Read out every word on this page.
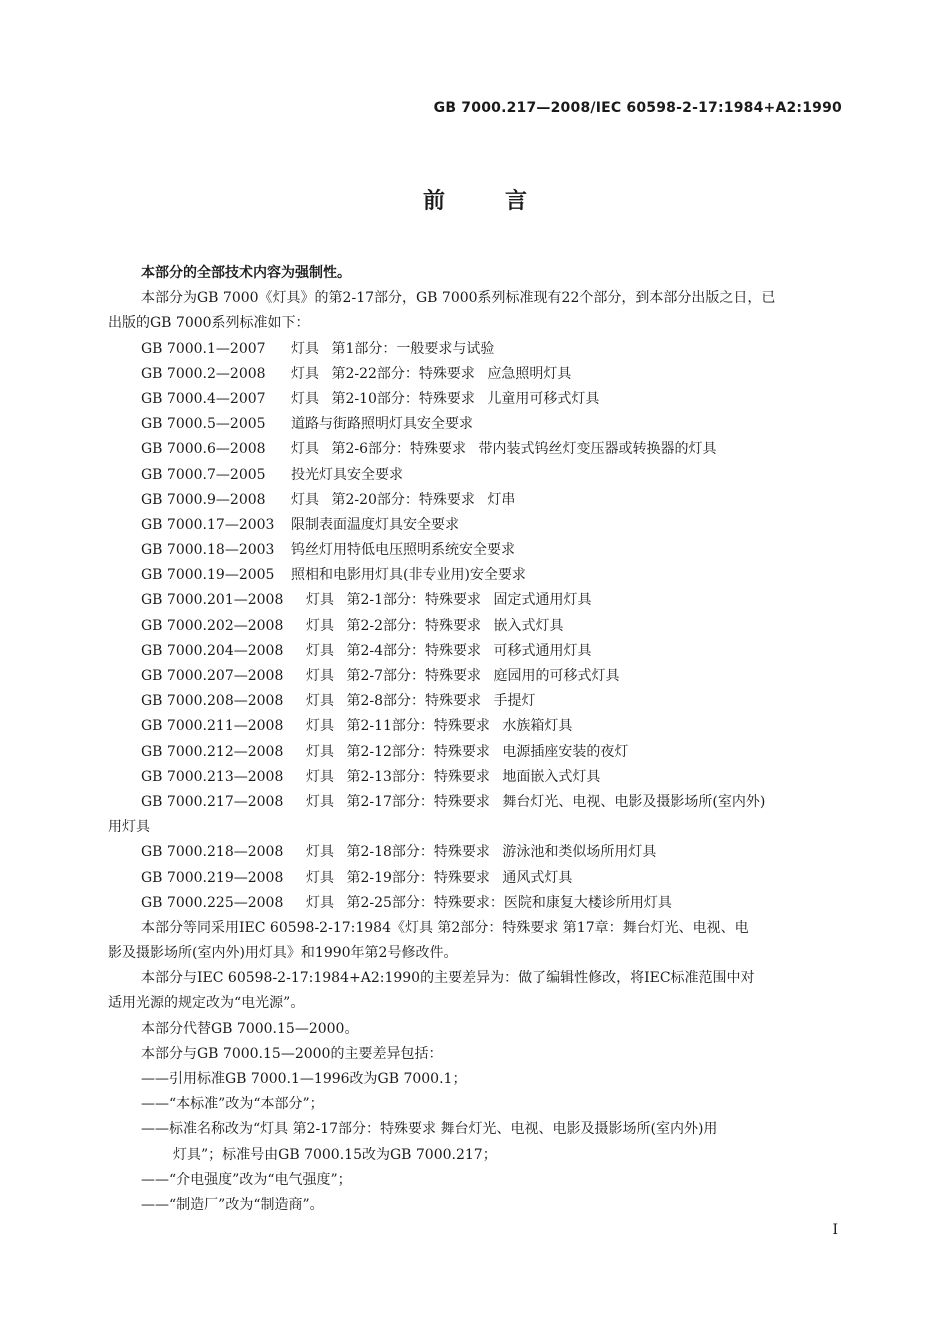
GB 7000.217—2008/IEC 60598-2-17:1984+A2:1990
前	言
本部分的全部技术内容为强制性。
本部分为GB 7000《灯具》的第2-17部分，GB 7000系列标准现有22个部分，到本部分出版之日，已
出版的GB 7000系列标准如下：
GB 7000.1—2007	灯具 第1部分：一般要求与试验
GB 7000.2—2008	灯具 第2-22部分：特殊要求 应急照明灯具
GB 7000.4—2007	灯具 第2-10部分：特殊要求 儿童用可移式灯具
GB 7000.5—2005	道路与街路照明灯具安全要求
GB 7000.6—2008	灯具 第2-6部分：特殊要求 带内装式钨丝灯变压器或转换器的灯具
GB 7000.7—2005	投光灯具安全要求
GB 7000.9—2008	灯具 第2-20部分：特殊要求 灯串
GB 7000.17—2003	限制表面温度灯具安全要求
GB 7000.18—2003	钨丝灯用特低电压照明系统安全要求
GB 7000.19—2005	照相和电影用灯具(非专业用)安全要求
GB 7000.201—2008	灯具 第2-1部分：特殊要求 固定式通用灯具
GB 7000.202—2008	灯具 第2-2部分：特殊要求 嵌入式灯具
GB 7000.204—2008	灯具 第2-4部分：特殊要求 可移式通用灯具
GB 7000.207—2008	灯具 第2-7部分：特殊要求 庭园用的可移式灯具
GB 7000.208—2008	灯具 第2-8部分：特殊要求 手提灯
GB 7000.211—2008	灯具 第2-11部分：特殊要求 水族箱灯具
GB 7000.212—2008	灯具 第2-12部分：特殊要求 电源插座安装的夜灯
GB 7000.213—2008	灯具 第2-13部分：特殊要求 地面嵌入式灯具
GB 7000.217—2008	灯具 第2-17部分：特殊要求 舞台灯光、电视、电影及摄影场所(室内外)
用灯具
GB 7000.218—2008	灯具 第2-18部分：特殊要求 游泳池和类似场所用灯具
GB 7000.219—2008	灯具 第2-19部分：特殊要求 通风式灯具
GB 7000.225—2008	灯具 第2-25部分：特殊要求：医院和康复大楼诊所用灯具
本部分等同采用IEC 60598-2-17:1984《灯具 第2部分：特殊要求 第17章：舞台灯光、电视、电
影及摄影场所(室内外)用灯具》和1990年第2号修改件。
本部分与IEC 60598-2-17:1984+A2:1990的主要差异为：做了编辑性修改，将IEC标准范围中对
适用光源的规定改为“电光源”。
本部分代替GB 7000.15—2000。
本部分与GB 7000.15—2000的主要差异包括：
——引用标准GB 7000.1—1996改为GB 7000.1；
——“本标准”改为“本部分”；
——标准名称改为“灯具 第2-17部分：特殊要求 舞台灯光、电视、电影及摄影场所(室内外)用
灯具”；标准号由GB 7000.15改为GB 7000.217；
——“介电强度”改为“电气强度”；
——“制造厂”改为“制造商”。
I
